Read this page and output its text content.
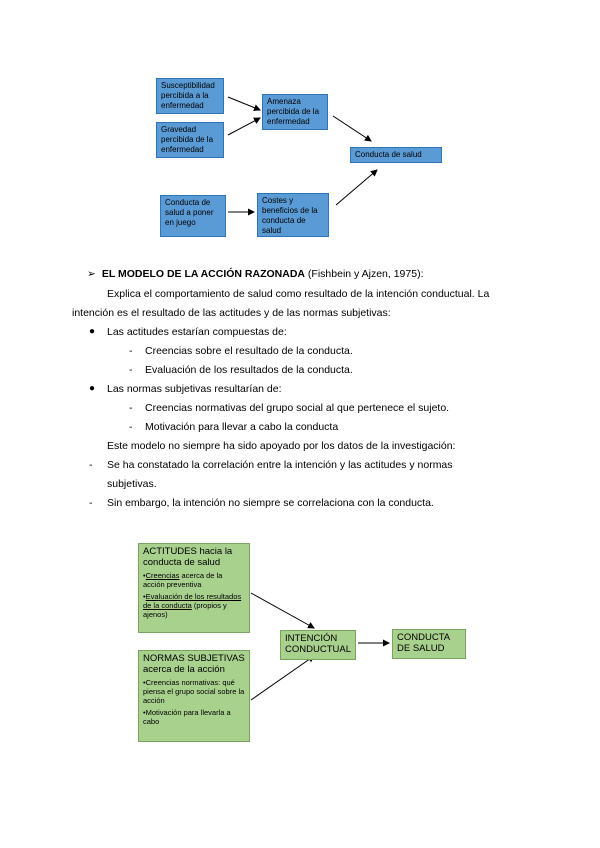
Susceptibilidad percibida a la enfermedad
Gravedad percibida de la enfermedad
Amenaza percibida de la enfermedad
Conducta de salud
Conducta de salud a poner en juego
Costes y beneficios de la conducta de salud
➢ EL MODELO DE LA ACCIÓN RAZONADA (Fishbein y Ajzen, 1975):
Explica el comportamiento de salud como resultado de la intención conductual. La
intención es el resultado de las actitudes y de las normas subjetivas:
● Las actitudes estarían compuestas de:
- Creencias sobre el resultado de la conducta.
- Evaluación de los resultados de la conducta.
● Las normas subjetivas resultarían de:
- Creencias normativas del grupo social al que pertenece el sujeto.
- Motivación para llevar a cabo la conducta
Este modelo no siempre ha sido apoyado por los datos de la investigación:
- Se ha constatado la correlación entre la intención y las actitudes y normas
subjetivas.
- Sin embargo, la intención no siempre se correlaciona con la conducta.
ACTITUDES hacia la conducta de salud
•Creencias acerca de la acción preventiva
•Evaluación de los resultados de la conducta (propios y ajenos)
NORMAS SUBJETIVAS acerca de la acción
•Creencias normativas: qué piensa el grupo social sobre la acción
•Motivación para llevarla a cabo
INTENCIÓN CONDUCTUAL
CONDUCTA DE SALUD
